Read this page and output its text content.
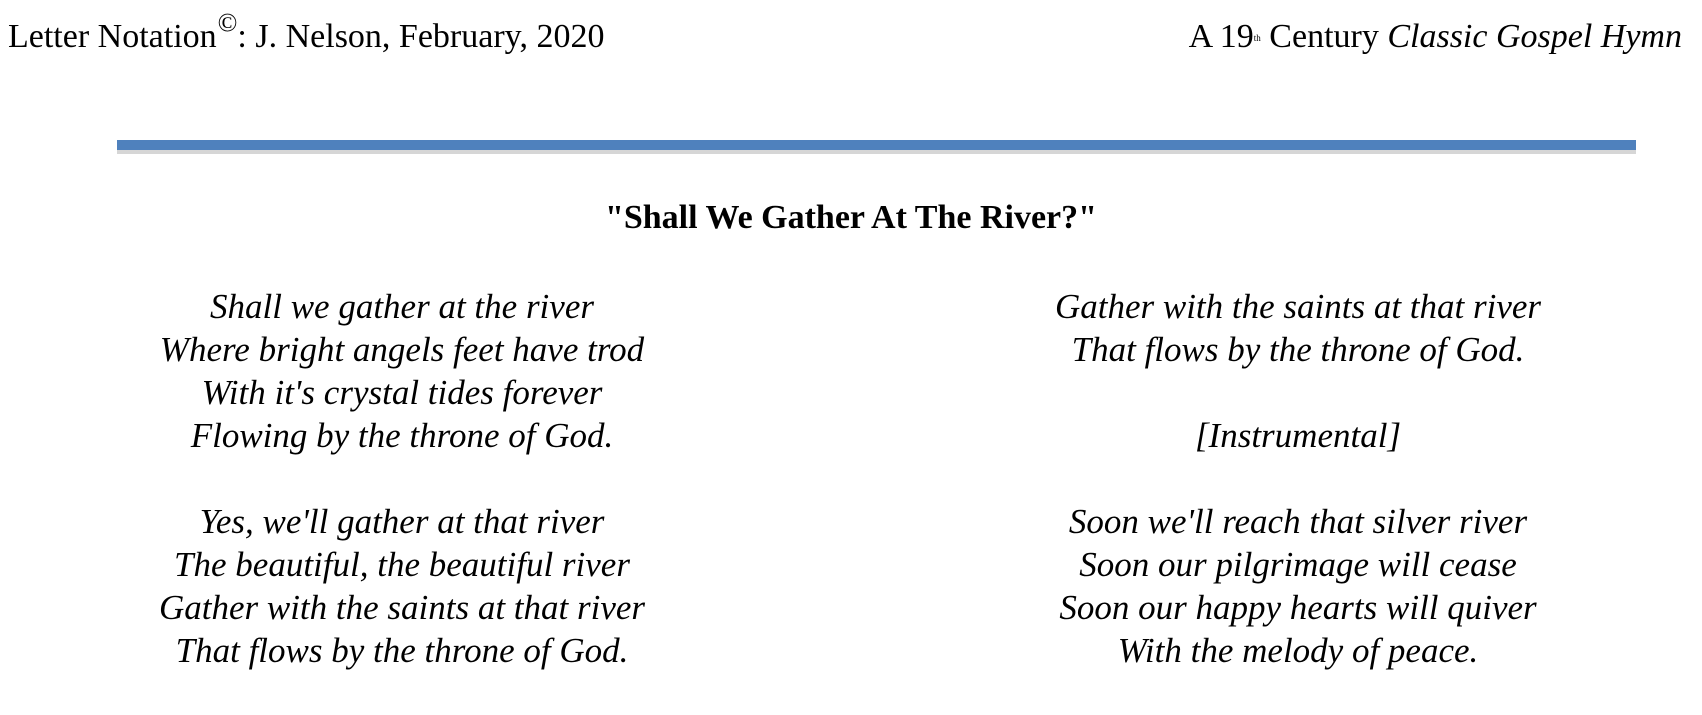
Letter Notation©: J. Nelson, February, 2020	A 19th Century Classic Gospel Hymn
"Shall We Gather At The River?"
Shall we gather at the river
Where bright angels feet have trod
With it's crystal tides forever
Flowing by the throne of God.
Yes, we'll gather at that river
The beautiful, the beautiful river
Gather with the saints at that river
That flows by the throne of God.
Gather with the saints at that river
That flows by the throne of God.
[Instrumental]
Soon we'll reach that silver river
Soon our pilgrimage will cease
Soon our happy hearts will quiver
With the melody of peace.
